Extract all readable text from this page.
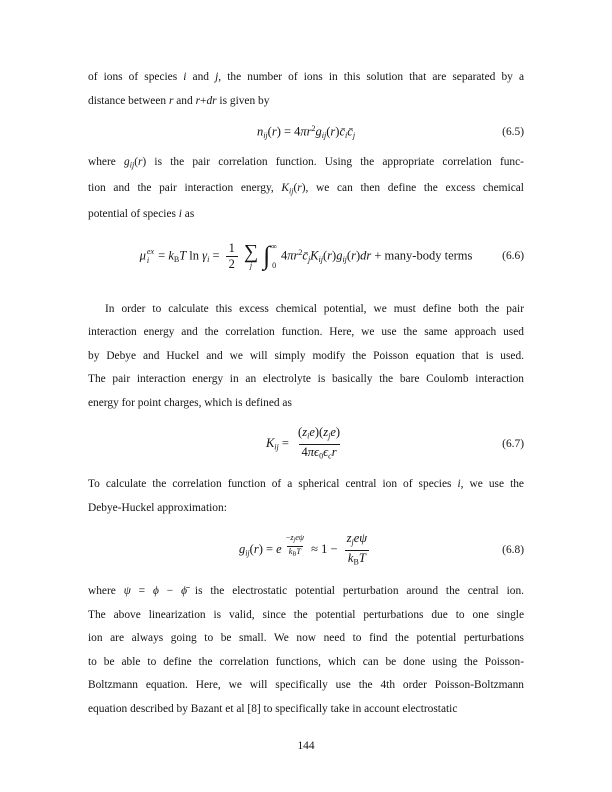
of ions of species i and j, the number of ions in this solution that are separated by a
distance between r and r+dr is given by
$n_{ij}(r)$ = $4\pi r^2g_{ij}(r)c̄_ic̄_j$	(6.5)
where $g_{ij}(r)$ is the pair correlation function. Using the appropriate correlation func-
tion and the pair interaction energy, $K_{ij}(r)$, we can then define the excess chemical
potential of species i as
μ ex
$i = k_BT$ $\ln \gamma_i = \frac{1}{2}$ ∑
j ∫ ∞
0
$4\pi r^2c̄_jK_{ij}(r)g_{ij}(r)dr$ + many-body terms	(6.6)
In order to calculate this excess chemical potential, we must define both the pair
interaction energy and the correlation function. Here, we use the same approach used
by Debye and Huckel and we will simply modify the Poisson equation that is used.
The pair interaction energy in an electrolyte is basically the bare Coulomb interaction
energy for point charges, which is defined as
$K_{ij} = \frac{(z_ie)(z_je)}{4\pi\epsilon_0\epsilon_cr}$	(6.7)
To calculate the correlation function of a spherical central ion of species i, we use the
Debye-Huckel approximation:
$g_{ij}(r) = e \frac{\text{−zjeψ}}{\text{kBT}} \approx 1 - \frac{z_je\psi}{k_BT}$	(6.8)
where ψ = ϕ − ϕ̄ is the electrostatic potential perturbation around the central ion.
The above linearization is valid, since the potential perturbations due to one single
ion are always going to be small. We now need to find the potential perturbations
to be able to define the correlation functions, which can be done using the Poisson-
Boltzmann equation. Here, we will specifically use the 4th order Poisson-Boltzmann
equation described by Bazant et al [8] to specifically take in account electrostatic
144
